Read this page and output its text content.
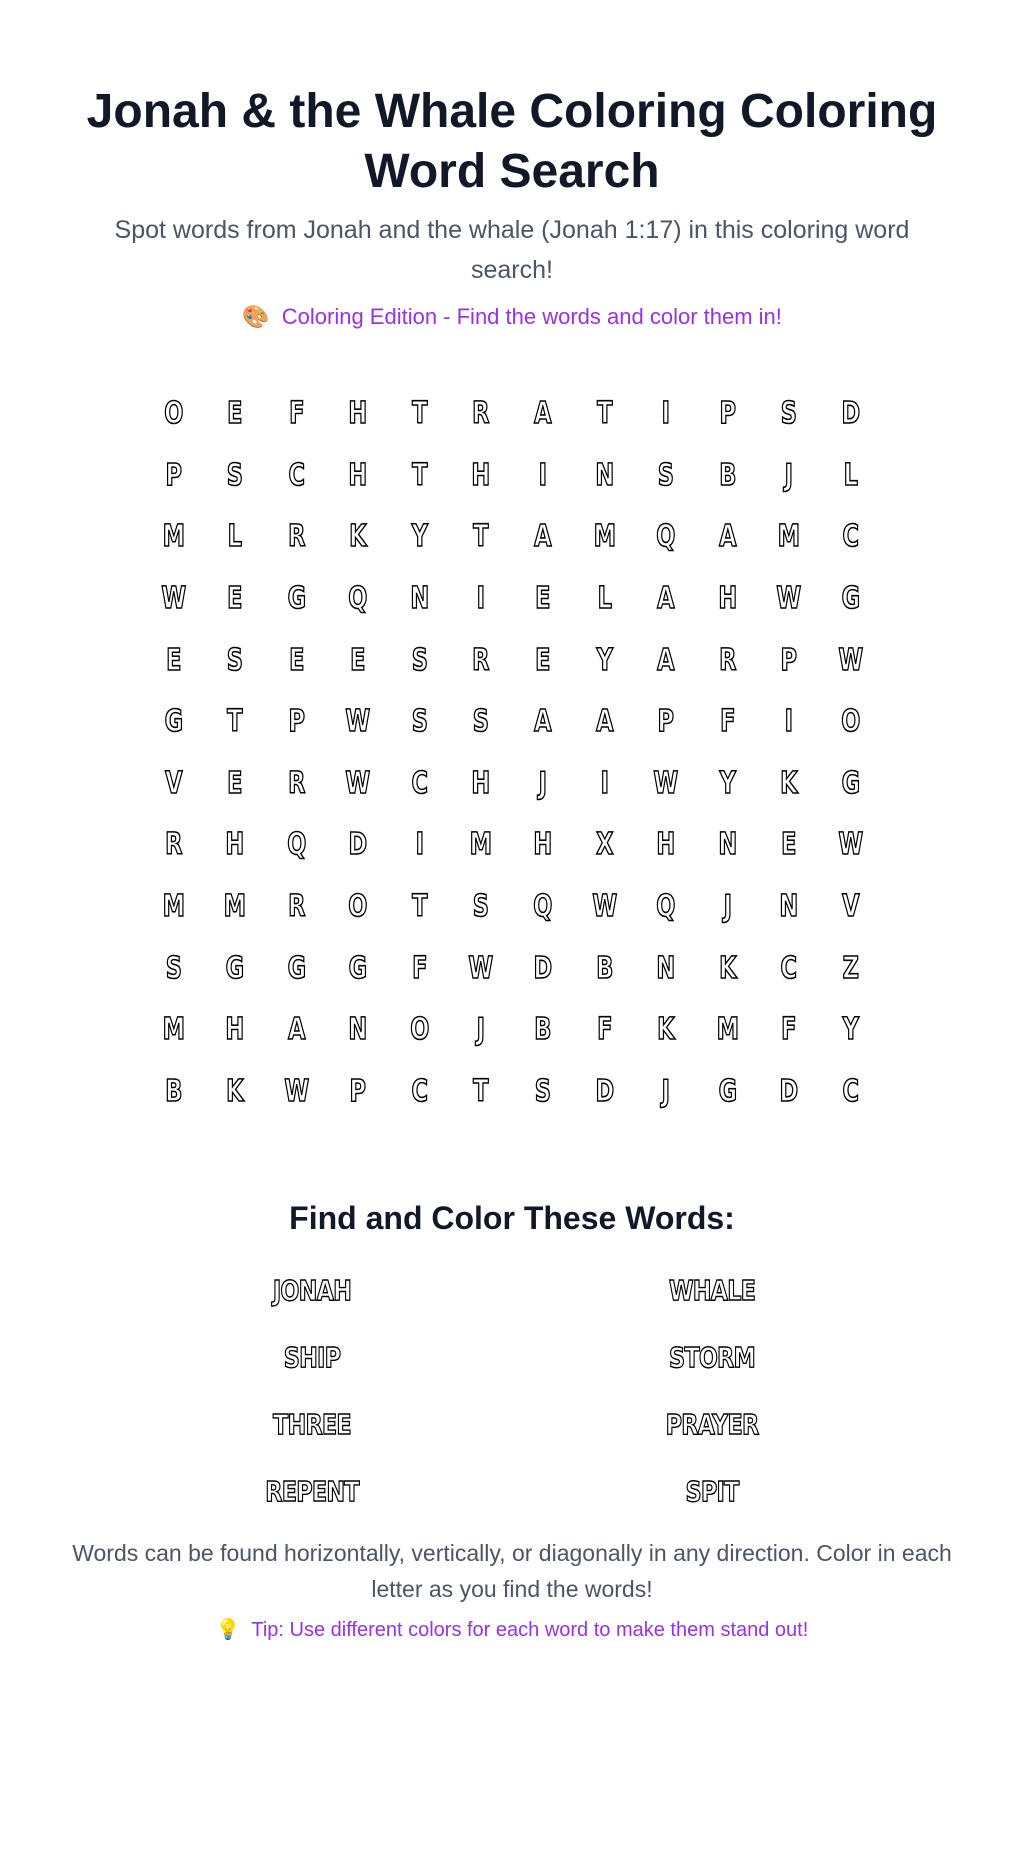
Jonah & the Whale Coloring Coloring Word Search

Spot words from Jonah and the whale (Jonah 1:17) in this coloring word search!

🎨 Coloring Edition - Find the words and color them in!
O	E	F	H	T	R	A	T	I	P	S	D
P	S	C	H	T	H	I	N	S	B	J	L
M	L	R	K	Y	T	A	M	Q	A	M	C
W	E	G	Q	N	I	E	L	A	H	W	G
E	S	E	E	S	R	E	Y	A	R	P	W
G	T	P	W	S	S	A	A	P	F	I	O
V	E	R	W	C	H	J	I	W	Y	K	G
R	H	Q	D	I	M	H	X	H	N	E	W
M	M	R	O	T	S	Q	W	Q	J	N	V
S	G	G	G	F	W	D	B	N	K	C	Z
M	H	A	N	O	J	B	F	K	M	F	Y
B	K	W	P	C	T	S	D	J	G	D	C
Find and Color These Words:
JONAH	WHALE
SHIP	STORM
THREE	PRAYER
REPENT	SPIT

Words can be found horizontally, vertically, or diagonally in any direction. Color in each letter as you find the words!

💡 Tip: Use different colors for each word to make them stand out!
